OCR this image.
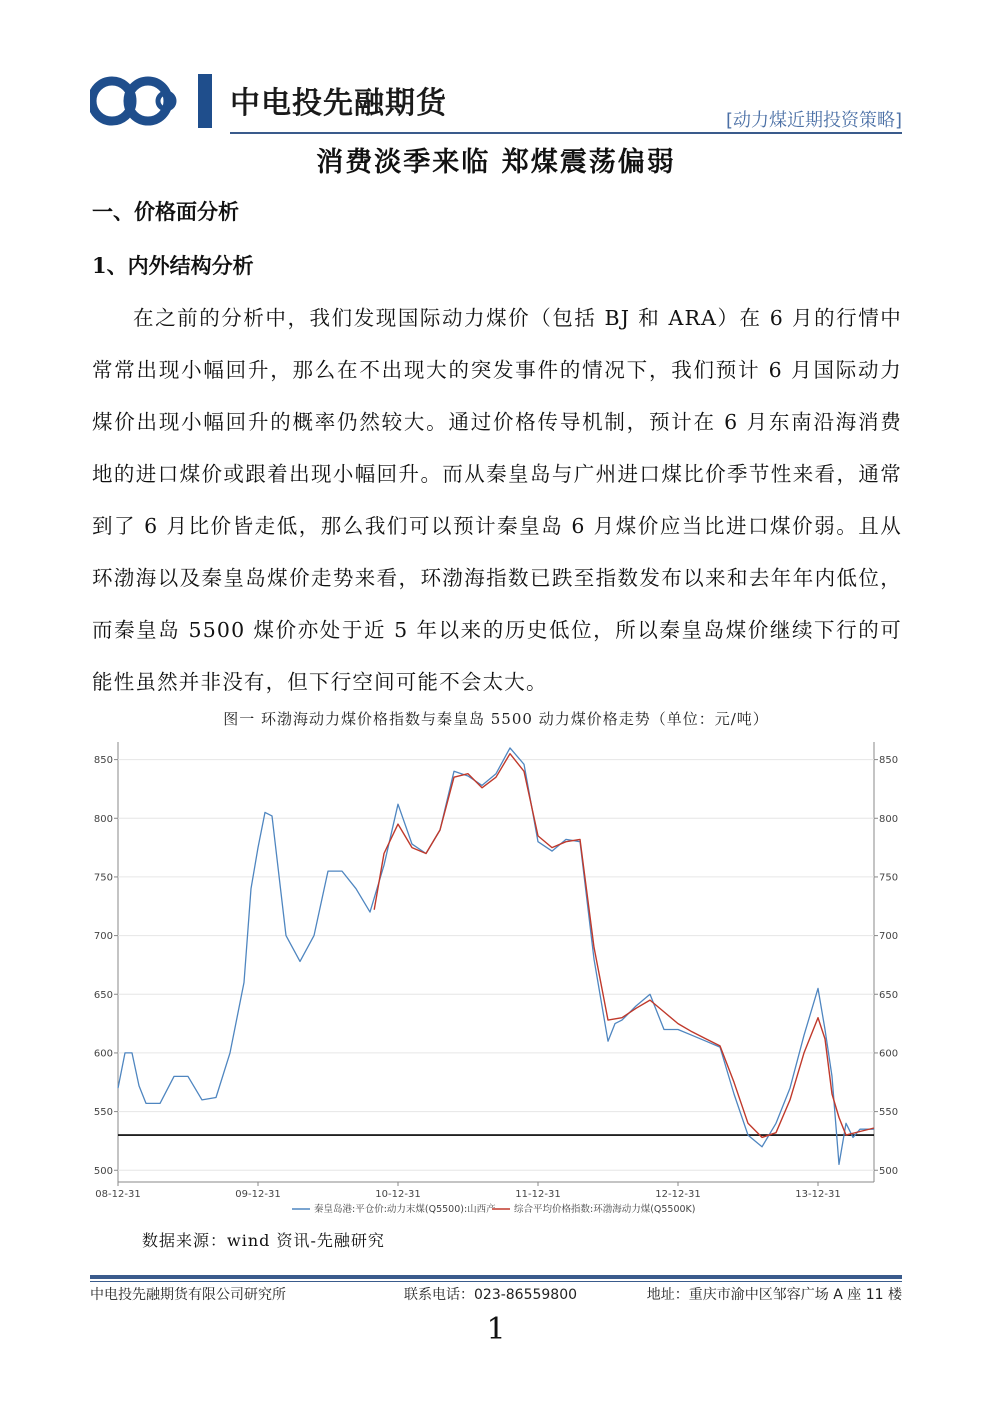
中电投先融期货	[动力煤近期投资策略]
消费淡季来临 郑煤震荡偏弱
一、价格面分析
1、内外结构分析
在之前的分析中，我们发现国际动力煤价（包括 BJ 和 ARA）在 6 月的行情中常常出现小幅回升，那么在不出现大的突发事件的情况下，我们预计 6 月国际动力煤价出现小幅回升的概率仍然较大。通过价格传导机制，预计在 6 月东南沿海消费地的进口煤价或跟着出现小幅回升。而从秦皇岛与广州进口煤比价季节性来看，通常到了 6 月比价皆走低，那么我们可以预计秦皇岛 6 月煤价应当比进口煤价弱。且从环渤海以及秦皇岛煤价走势来看，环渤海指数已跌至指数发布以来和去年年内低位，而秦皇岛 5500 煤价亦处于近 5 年以来的历史低位，所以秦皇岛煤价继续下行的可能性虽然并非没有，但下行空间可能不会太大。
图一 环渤海动力煤价格指数与秦皇岛 5500 动力煤价格走势（单位：元/吨）
500	500
550	550
600	600
650	650
700	700
750	750
800	800
850	850
08-12-31	09-12-31	10-12-31	11-12-31	12-12-31	13-12-31
秦皇岛港:平仓价:动力末煤(Q5500):山西产 综合平均价格指数:环渤海动力煤(Q5500K)
数据来源：wind 资讯-先融研究
中电投先融期货有限公司研究所	联系电话：023-86559800	地址：重庆市渝中区邹容广场 A 座 11 楼
1
